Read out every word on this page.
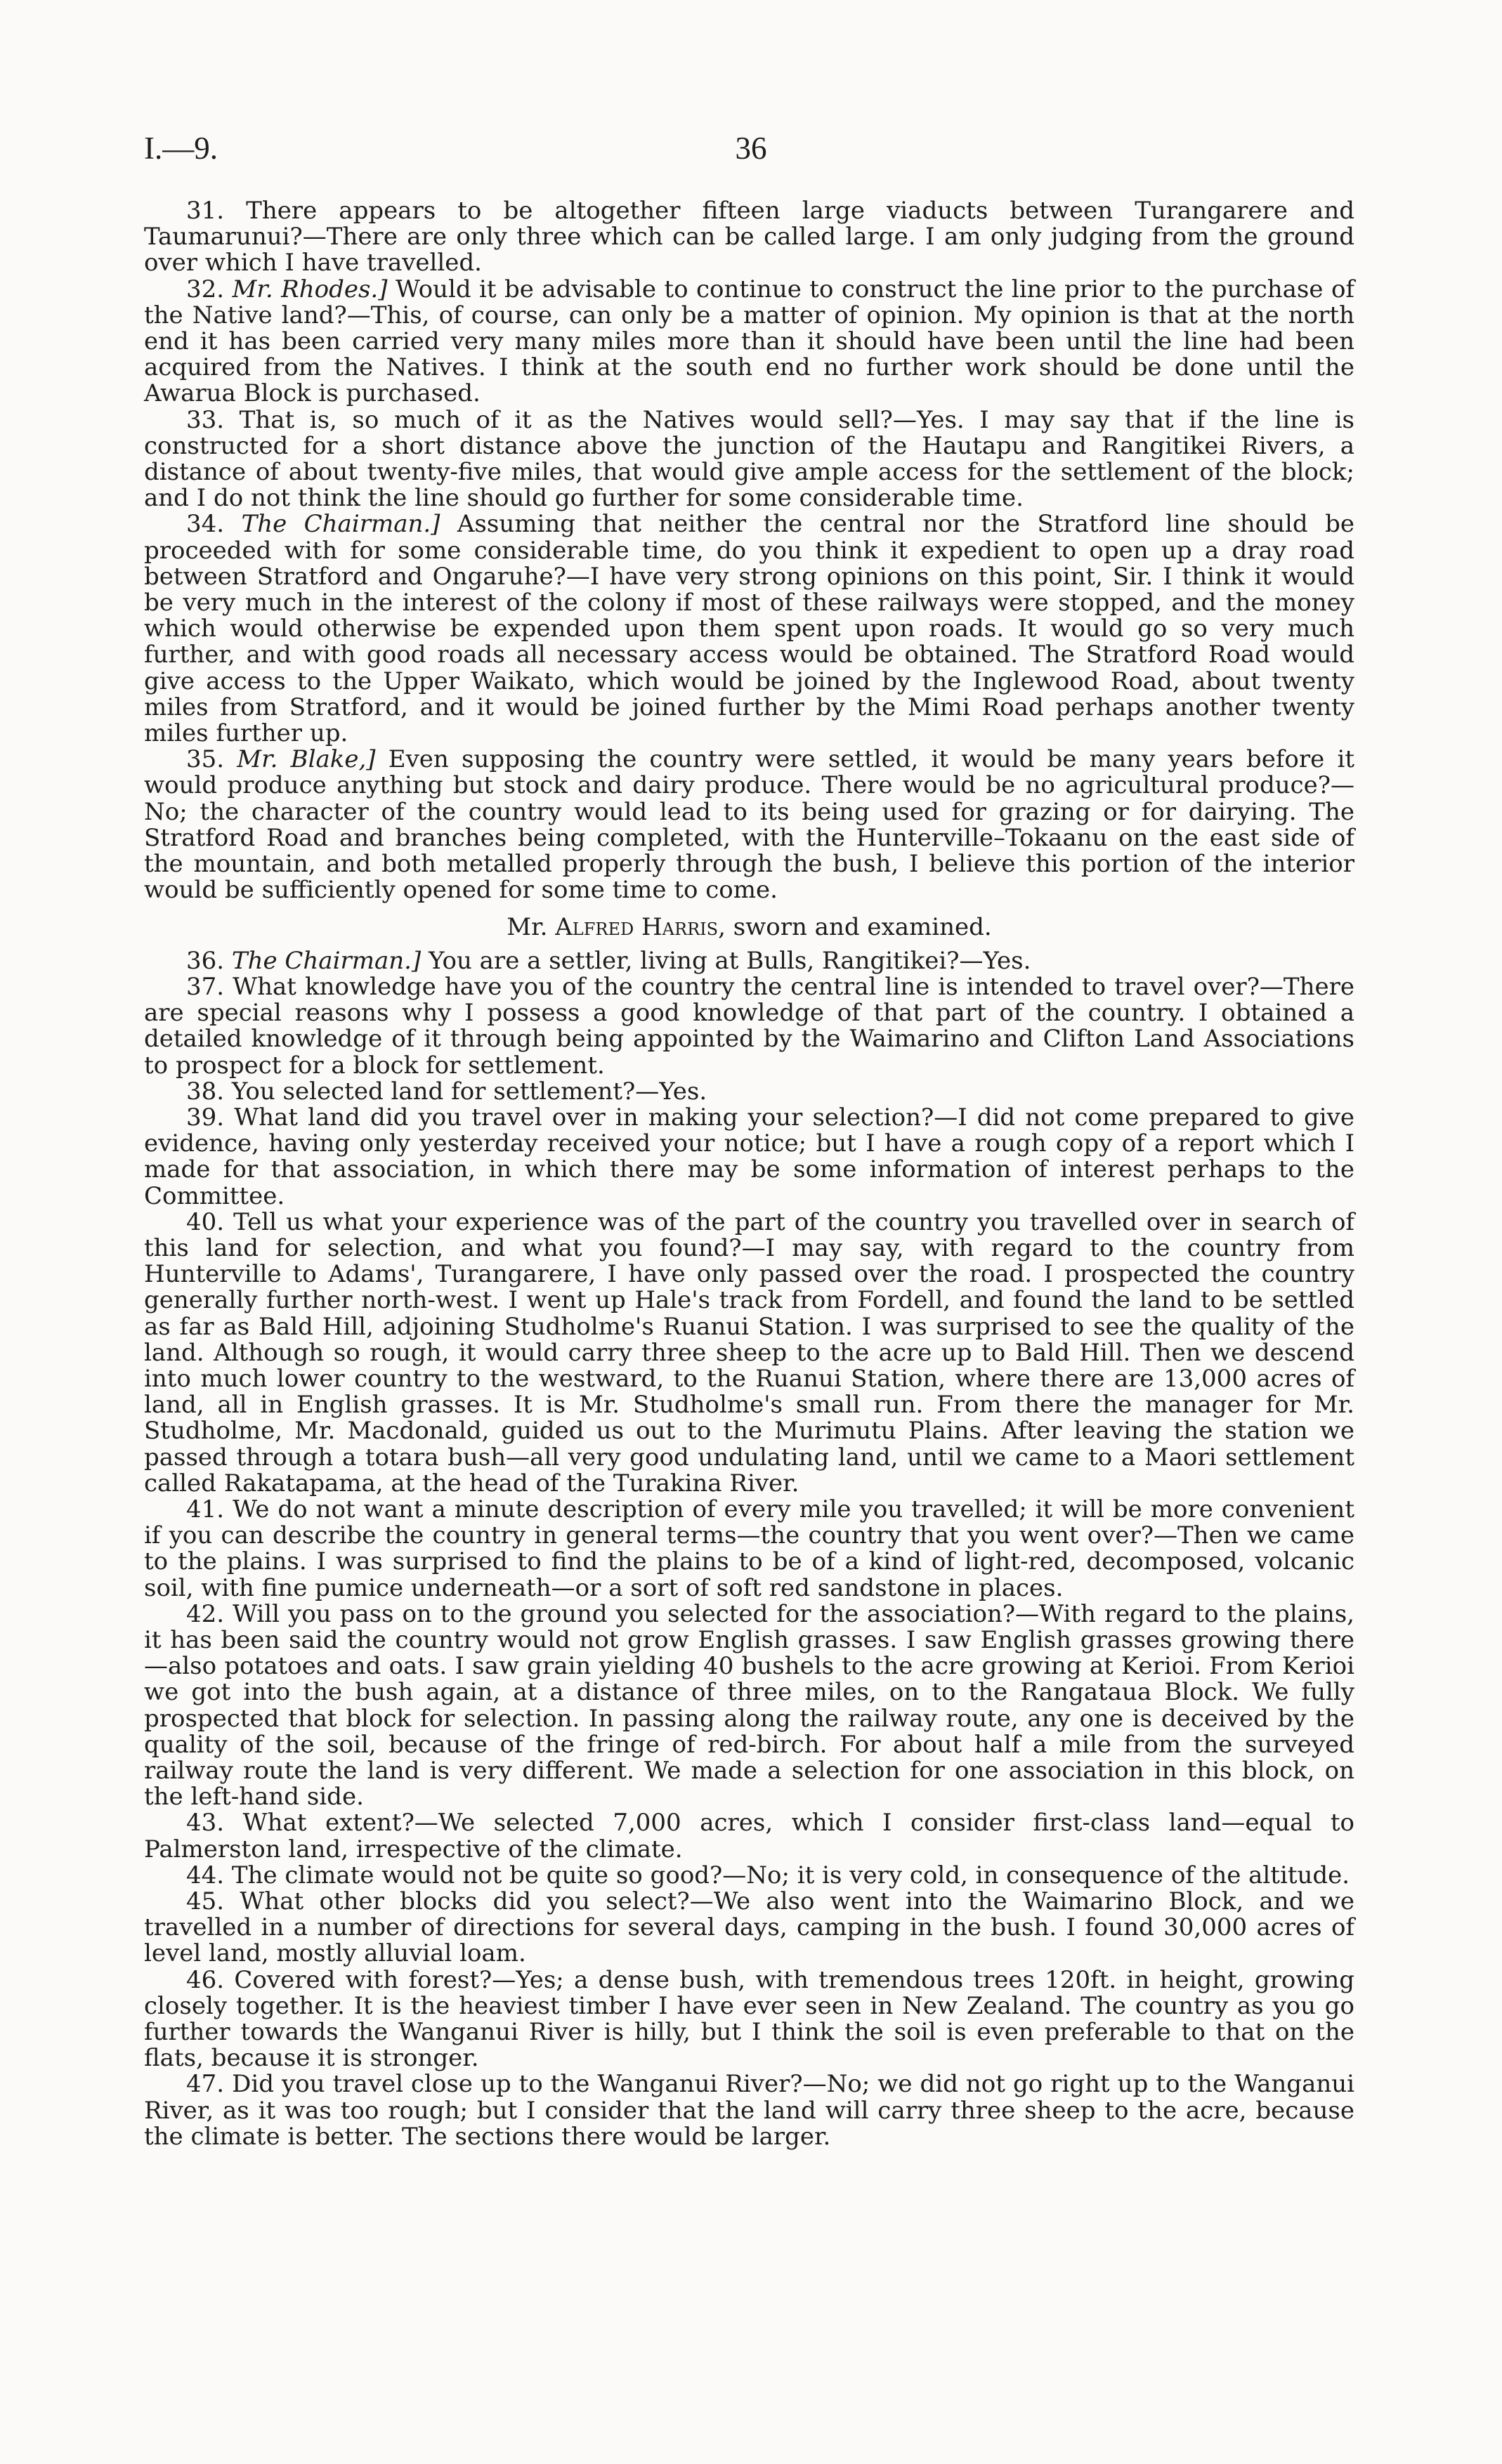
I.—9.	36

31. There appears to be altogether fifteen large viaducts between Turangarere and Taumarunui?—There are only three which can be called large. I am only judging from the ground over which I have travelled.

32. Mr. Rhodes.] Would it be advisable to continue to construct the line prior to the purchase of the Native land?—This, of course, can only be a matter of opinion. My opinion is that at the north end it has been carried very many miles more than it should have been until the line had been acquired from the Natives. I think at the south end no further work should be done until the Awarua Block is purchased.

33. That is, so much of it as the Natives would sell?—Yes. I may say that if the line is constructed for a short distance above the junction of the Hautapu and Rangitikei Rivers, a distance of about twenty-five miles, that would give ample access for the settlement of the block; and I do not think the line should go further for some considerable time.

34. The Chairman.] Assuming that neither the central nor the Stratford line should be proceeded with for some considerable time, do you think it expedient to open up a dray road between Stratford and Ongaruhe?—I have very strong opinions on this point, Sir. I think it would be very much in the interest of the colony if most of these railways were stopped, and the money which would otherwise be expended upon them spent upon roads. It would go so very much further, and with good roads all necessary access would be obtained. The Stratford Road would give access to the Upper Waikato, which would be joined by the Inglewood Road, about twenty miles from Stratford, and it would be joined further by the Mimi Road perhaps another twenty miles further up.

35. Mr. Blake,] Even supposing the country were settled, it would be many years before it would produce anything but stock and dairy produce. There would be no agricultural produce?—No; the character of the country would lead to its being used for grazing or for dairying. The Stratford Road and branches being completed, with the Hunterville–Tokaanu on the east side of the mountain, and both metalled properly through the bush, I believe this portion of the interior would be sufficiently opened for some time to come.

Mr. Alfred Harris, sworn and examined.

36. The Chairman.] You are a settler, living at Bulls, Rangitikei?—Yes.

37. What knowledge have you of the country the central line is intended to travel over?—There are special reasons why I possess a good knowledge of that part of the country. I obtained a detailed knowledge of it through being appointed by the Waimarino and Clifton Land Associations to prospect for a block for settlement.

38. You selected land for settlement?—Yes.

39. What land did you travel over in making your selection?—I did not come prepared to give evidence, having only yesterday received your notice; but I have a rough copy of a report which I made for that association, in which there may be some information of interest perhaps to the Committee.

40. Tell us what your experience was of the part of the country you travelled over in search of this land for selection, and what you found?—I may say, with regard to the country from Hunterville to Adams', Turangarere, I have only passed over the road. I prospected the country generally further north-west. I went up Hale's track from Fordell, and found the land to be settled as far as Bald Hill, adjoining Studholme's Ruanui Station. I was surprised to see the quality of the land. Although so rough, it would carry three sheep to the acre up to Bald Hill. Then we descend into much lower country to the westward, to the Ruanui Station, where there are 13,000 acres of land, all in English grasses. It is Mr. Studholme's small run. From there the manager for Mr. Studholme, Mr. Macdonald, guided us out to the Murimutu Plains. After leaving the station we passed through a totara bush—all very good undulating land, until we came to a Maori settlement called Rakatapama, at the head of the Turakina River.

41. We do not want a minute description of every mile you travelled; it will be more convenient if you can describe the country in general terms—the country that you went over?—Then we came to the plains. I was surprised to find the plains to be of a kind of light-red, decomposed, volcanic soil, with fine pumice underneath—or a sort of soft red sandstone in places.

42. Will you pass on to the ground you selected for the association?—With regard to the plains, it has been said the country would not grow English grasses. I saw English grasses growing there—also potatoes and oats. I saw grain yielding 40 bushels to the acre growing at Kerioi. From Kerioi we got into the bush again, at a distance of three miles, on to the Rangataua Block. We fully prospected that block for selection. In passing along the railway route, any one is deceived by the quality of the soil, because of the fringe of red-birch. For about half a mile from the surveyed railway route the land is very different. We made a selection for one association in this block, on the left-hand side.

43. What extent?—We selected 7,000 acres, which I consider first-class land—equal to Palmerston land, irrespective of the climate.

44. The climate would not be quite so good?—No; it is very cold, in consequence of the altitude.

45. What other blocks did you select?—We also went into the Waimarino Block, and we travelled in a number of directions for several days, camping in the bush. I found 30,000 acres of level land, mostly alluvial loam.

46. Covered with forest?—Yes; a dense bush, with tremendous trees 120ft. in height, growing closely together. It is the heaviest timber I have ever seen in New Zealand. The country as you go further towards the Wanganui River is hilly, but I think the soil is even preferable to that on the flats, because it is stronger.

47. Did you travel close up to the Wanganui River?—No; we did not go right up to the Wanganui River, as it was too rough; but I consider that the land will carry three sheep to the acre, because the climate is better. The sections there would be larger.
